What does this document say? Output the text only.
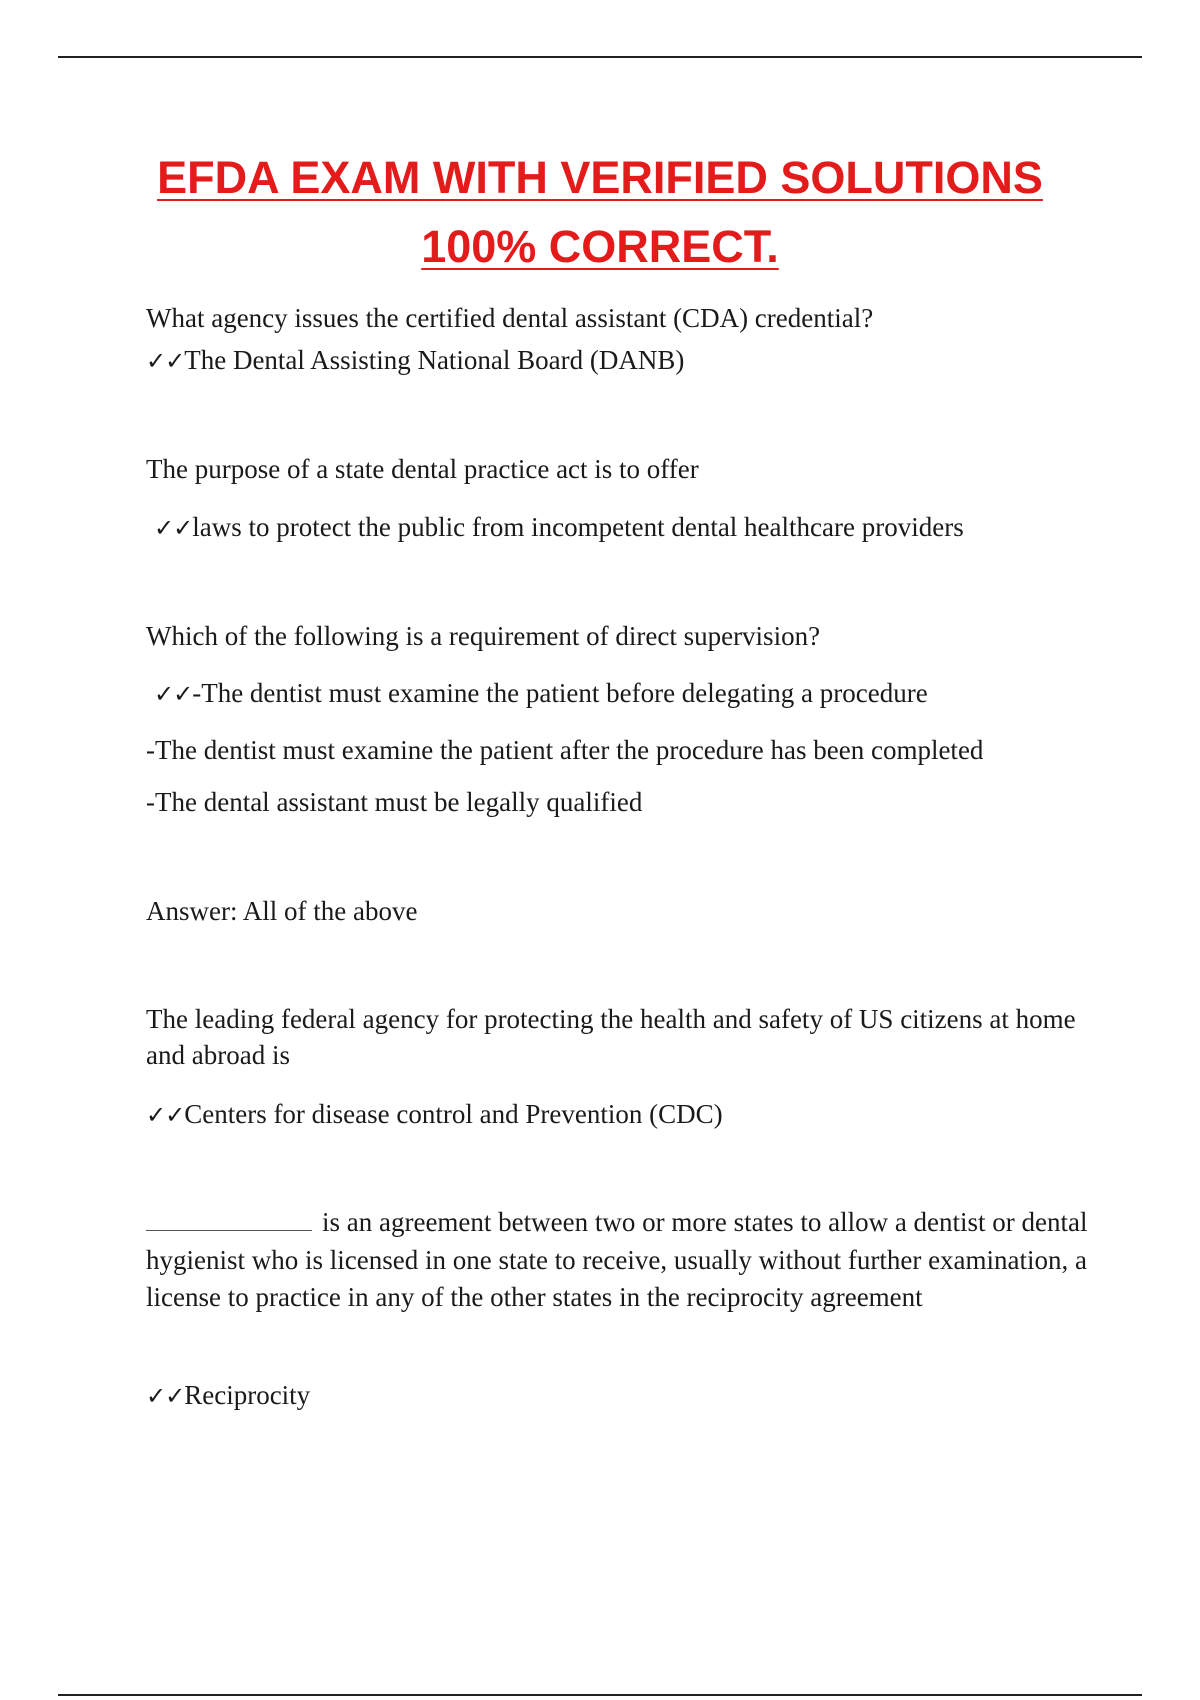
EFDA EXAM WITH VERIFIED SOLUTIONS
100% CORRECT.
What agency issues the certified dental assistant (CDA) credential?
✓✓The Dental Assisting National Board (DANB)
The purpose of a state dental practice act is to offer
✓✓laws to protect the public from incompetent dental healthcare providers
Which of the following is a requirement of direct supervision?
✓✓-The dentist must examine the patient before delegating a procedure
-The dentist must examine the patient after the procedure has been completed
-The dental assistant must be legally qualified
Answer: All of the above
The leading federal agency for protecting the health and safety of US citizens at home and abroad is
✓✓Centers for disease control and Prevention (CDC)
is an agreement between two or more states to allow a dentist or dental hygienist who is licensed in one state to receive, usually without further examination, a license to practice in any of the other states in the reciprocity agreement
✓✓Reciprocity
